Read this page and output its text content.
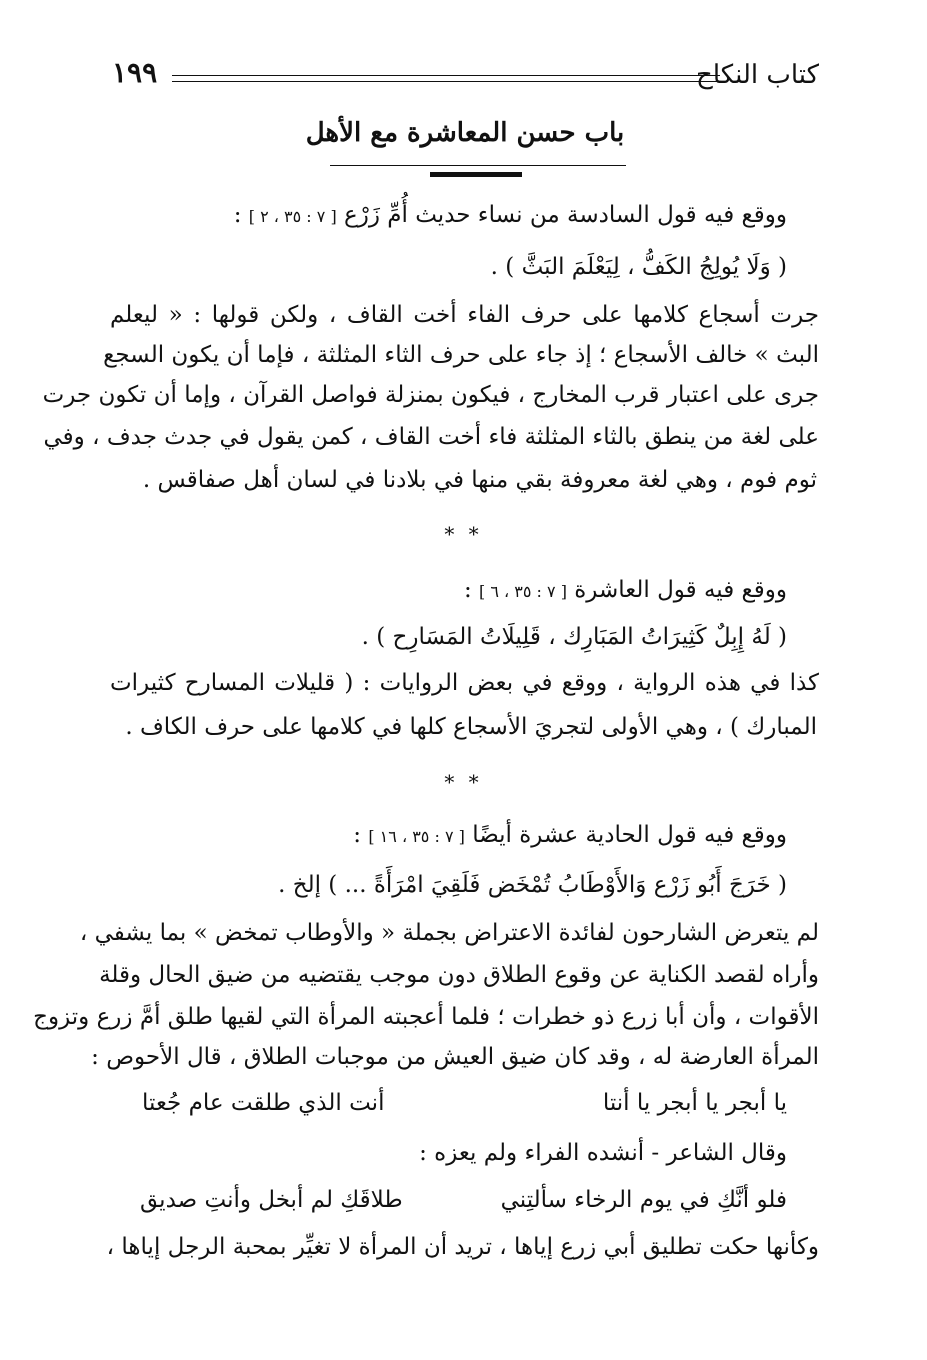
كتاب النكاح
١٩٩
باب حسن المعاشرة مع الأهل
ووقع فيه قول السادسة من نساء حديث أُمِّ زَرْع [ ٧ : ٣٥ ، ٢ ] :
( وَلَا يُولِجُ الكَفُّ ، لِيَعْلَمَ البَثَّ ) .
جرت أسجاع كلامها على حرف الفاء أخت القاف ، ولكن قولها : « ليعلم
البث » خالف الأسجاع ؛ إذ جاء على حرف الثاء المثلثة ، فإما أن يكون السجع
جرى على اعتبار قرب المخارج ، فيكون بمنزلة فواصل القرآن ، وإما أن تكون جرت
على لغة من ينطق بالثاء المثلثة فاء أخت القاف ، كمن يقول في جدث جدف ، وفي
ثوم فوم ، وهي لغة معروفة بقي منها في بلادنا في لسان أهل صفاقس .
* *
ووقع فيه قول العاشرة [ ٧ : ٣٥ ، ٦ ] :
( لَهُ إِبِلٌ كَثِيرَاتُ المَبَارِك ، قَلِيلَاتُ المَسَارِح ) .
كذا في هذه الرواية ، ووقع في بعض الروايات : ( قليلات المسارح كثيرات
المبارك ) ، وهي الأولى لتجريَ الأسجاع كلها في كلامها على حرف الكاف .
* *
ووقع فيه قول الحادية عشرة أيضًا [ ٧ : ٣٥ ، ١٦ ] :
( خَرَجَ أَبُو زَرْع وَالأَوْطَابُ تُمْخَض فَلَقِيَ امْرَأَةً ... ) إلخ .
لم يتعرض الشارحون لفائدة الاعتراض بجملة « والأوطاب تمخض » بما يشفي ،
وأراه لقصد الكناية عن وقوع الطلاق دون موجب يقتضيه من ضيق الحال وقلة
الأقوات ، وأن أبا زرع ذو خطرات ؛ فلما أعجبته المرأة التي لقيها طلق أمَّ زرع وتزوج
المرأة العارضة له ، وقد كان ضيق العيش من موجبات الطلاق ، قال الأحوص :
يا أبجر يا أبجر يا أنتا
أنت الذي طلقت عام جُعتا
وقال الشاعر - أنشده الفراء ولم يعزه :
فلو أنَّكِ في يوم الرخاء سألتِني
طلاقَكِ لم أبخل وأنتِ صديق
وكأنها حكت تطليق أبي زرع إياها ، تريد أن المرأة لا تغيِّر بمحبة الرجل إياها ،
